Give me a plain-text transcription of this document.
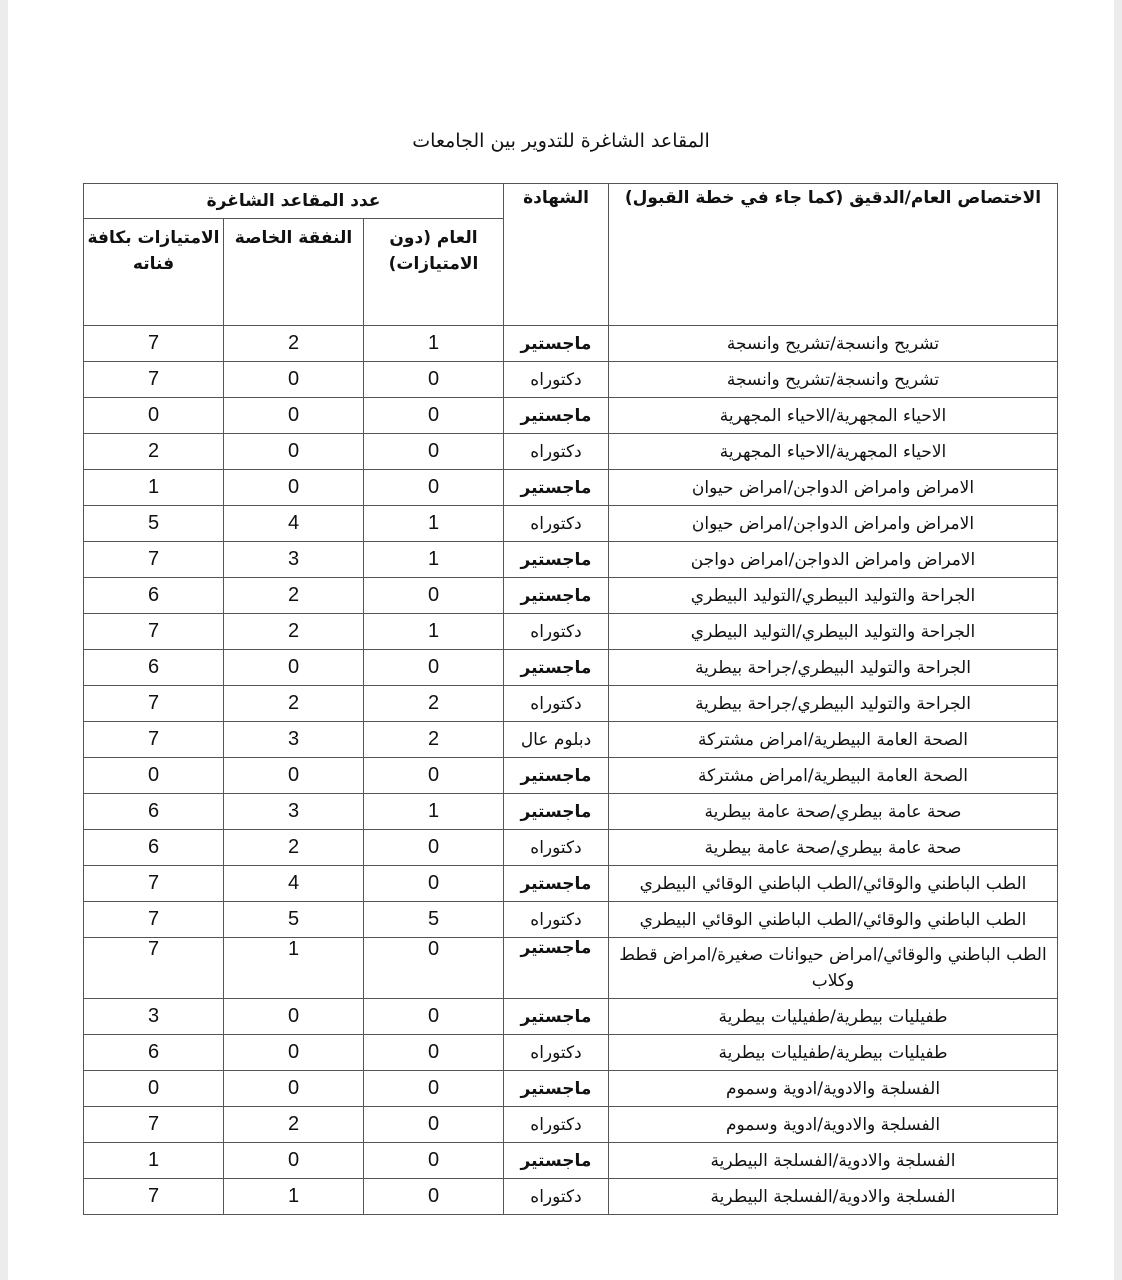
المقاعد الشاغرة للتدوير بين الجامعات
الاختصاص العام/الدقيق (كما جاء في خطة القبول)	الشهادة	عدد المقاعد الشاغرة		
		العام (دون الامتيازات)	النفقة الخاصة	الامتيازات بكافة فناته
تشريح وانسجة/تشريح وانسجة	ماجستير	1	2	7
تشريح وانسجة/تشريح وانسجة	دكتوراه	0	0	7
الاحياء المجهرية/الاحياء المجهرية	ماجستير	0	0	0
الاحياء المجهرية/الاحياء المجهرية	دكتوراه	0	0	2
الامراض وامراض الدواجن/امراض حيوان	ماجستير	0	0	1
الامراض وامراض الدواجن/امراض حيوان	دكتوراه	1	4	5
الامراض وامراض الدواجن/امراض دواجن	ماجستير	1	3	7
الجراحة والتوليد البيطري/التوليد البيطري	ماجستير	0	2	6
الجراحة والتوليد البيطري/التوليد البيطري	دكتوراه	1	2	7
الجراحة والتوليد البيطري/جراحة بيطرية	ماجستير	0	0	6
الجراحة والتوليد البيطري/جراحة بيطرية	دكتوراه	2	2	7
الصحة العامة البيطرية/امراض مشتركة	دبلوم عال	2	3	7
الصحة العامة البيطرية/امراض مشتركة	ماجستير	0	0	0
صحة عامة بيطري/صحة عامة بيطرية	ماجستير	1	3	6
صحة عامة بيطري/صحة عامة بيطرية	دكتوراه	0	2	6
الطب الباطني والوقائي/الطب الباطني الوقائي البيطري	ماجستير	0	4	7
الطب الباطني والوقائي/الطب الباطني الوقائي البيطري	دكتوراه	5	5	7
الطب الباطني والوقائي/امراض حيوانات صغيرة/امراض قطط وكلاب	ماجستير	0	1	7
طفيليات بيطرية/طفيليات بيطرية	ماجستير	0	0	3
طفيليات بيطرية/طفيليات بيطرية	دكتوراه	0	0	6
الفسلجة والادوية/ادوية وسموم	ماجستير	0	0	0
الفسلجة والادوية/ادوية وسموم	دكتوراه	0	2	7
الفسلجة والادوية/الفسلجة البيطرية	ماجستير	0	0	1
الفسلجة والادوية/الفسلجة البيطرية	دكتوراه	0	1	7
